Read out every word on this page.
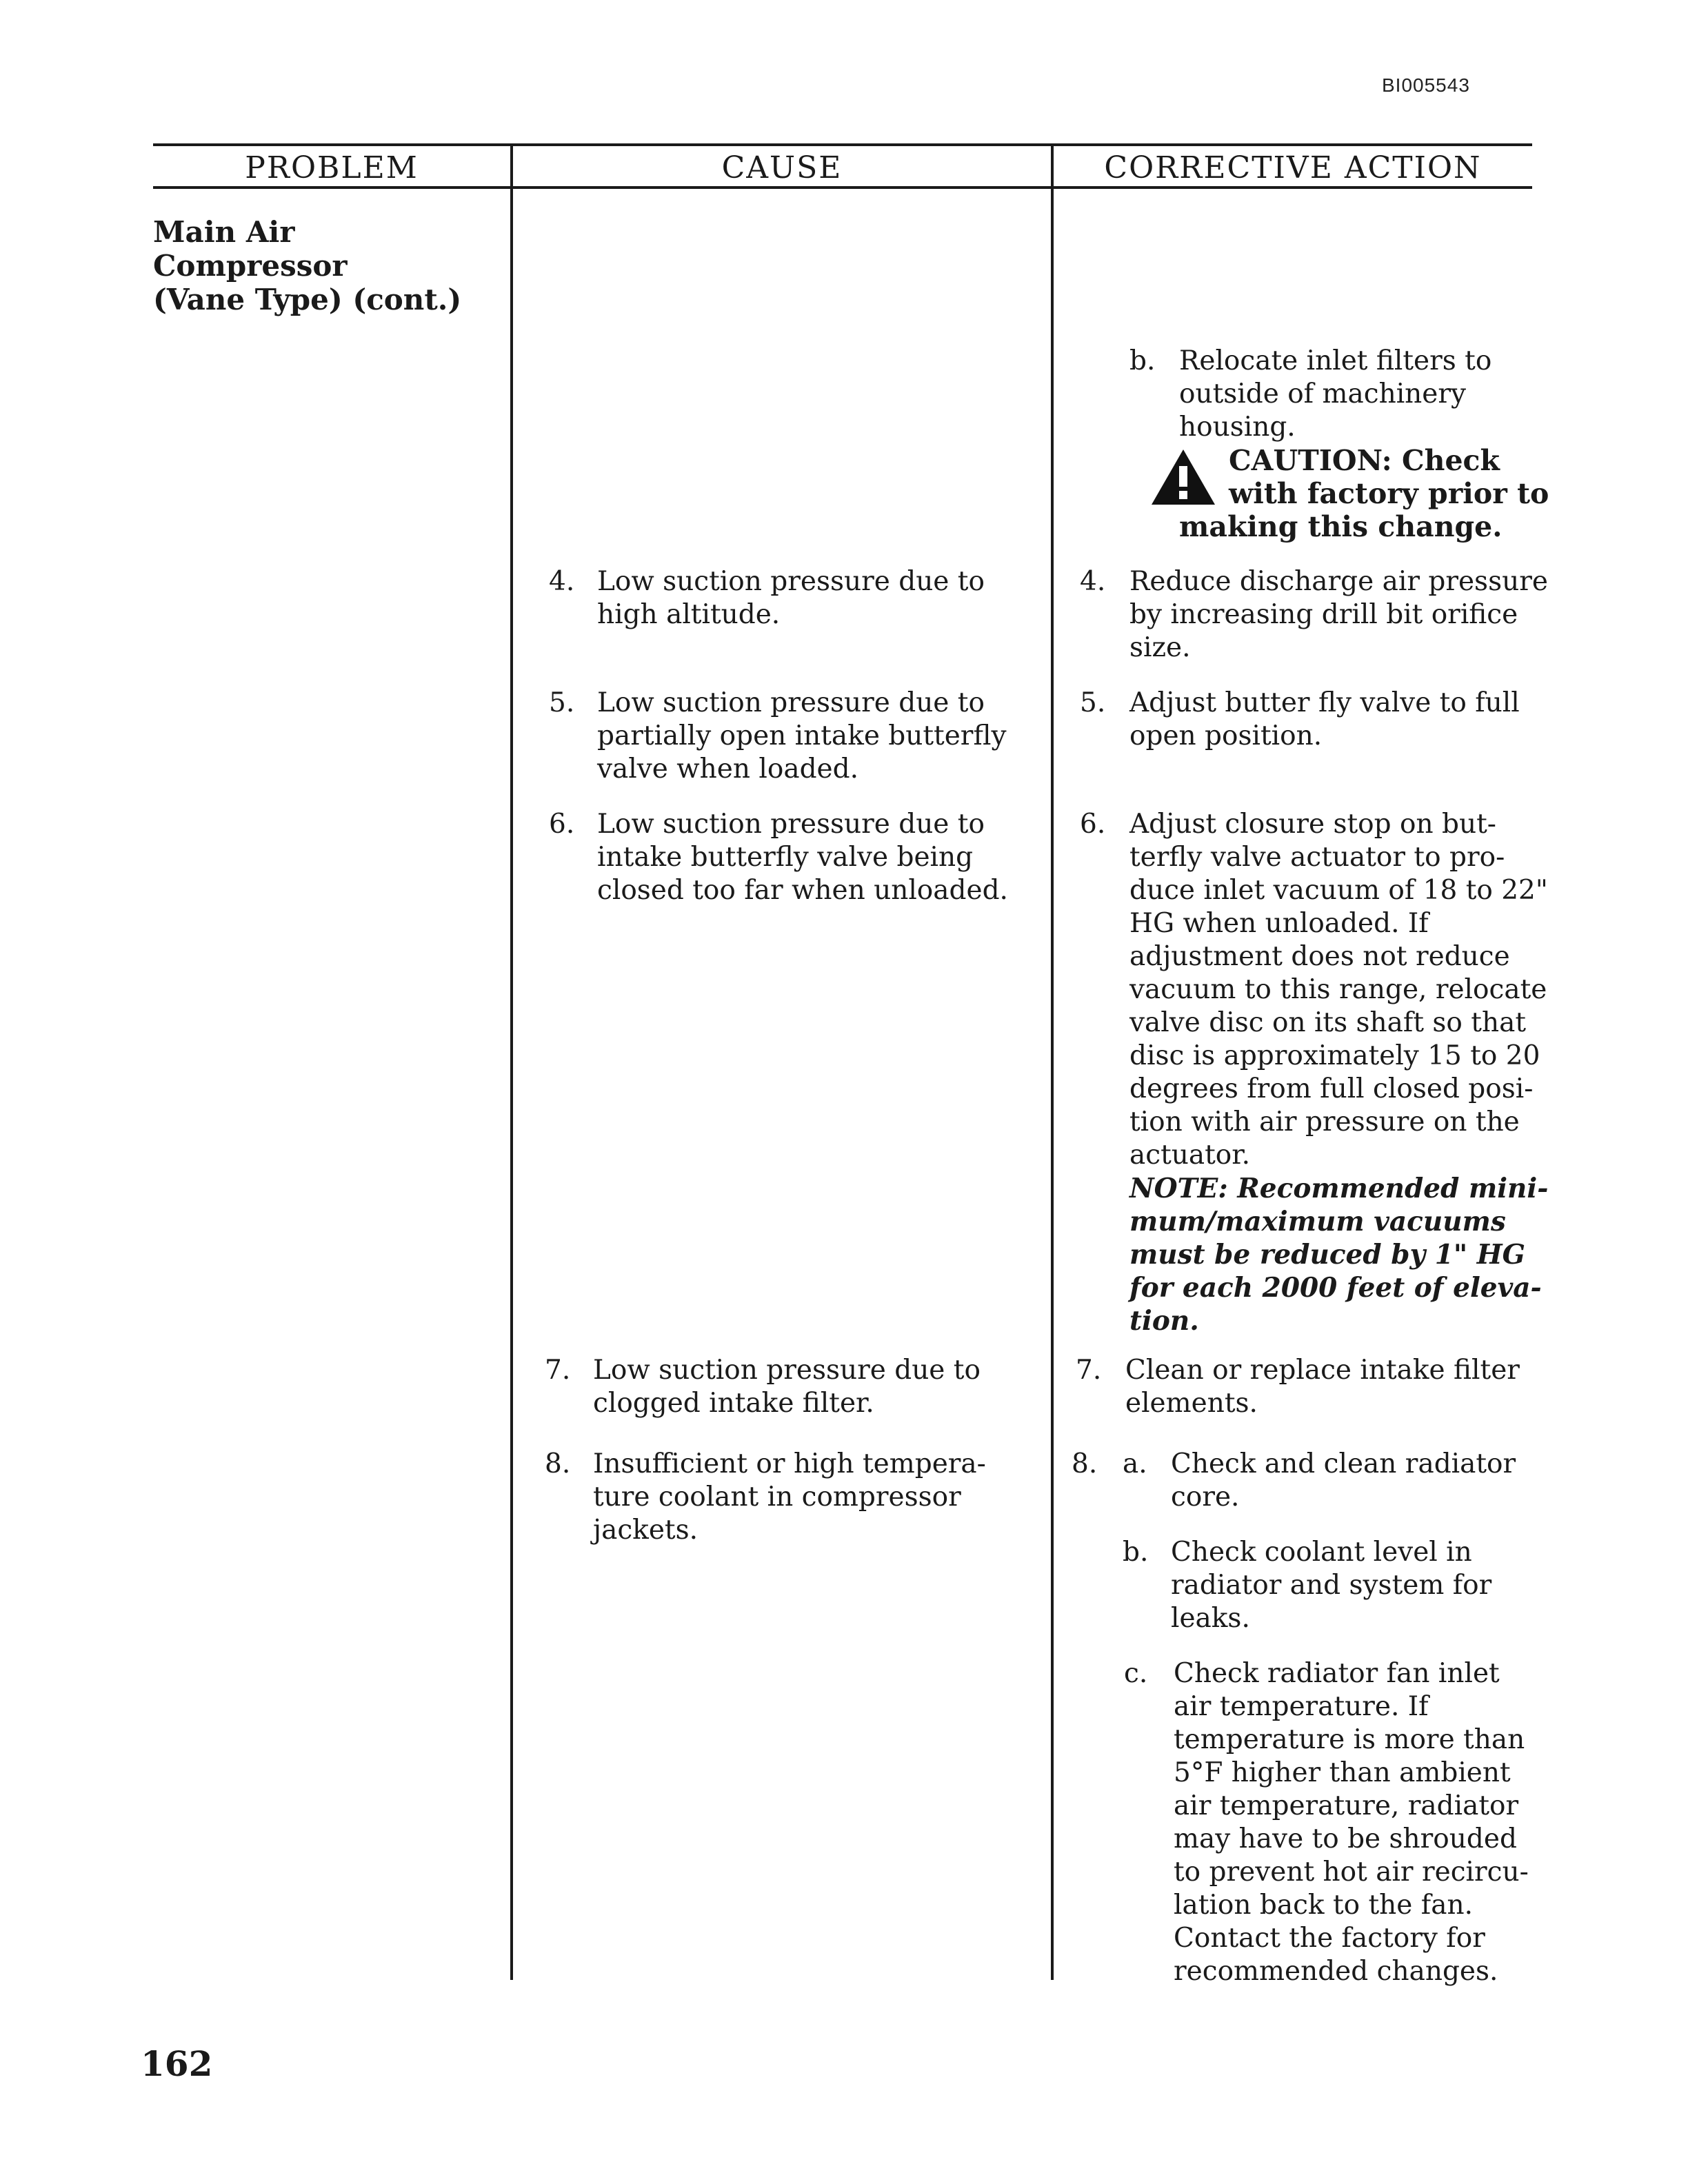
BI005543
PROBLEM	CAUSE	CORRECTIVE ACTION
Main Air
Compressor
(Vane Type) (cont.)
b. Relocate inlet filters to
outside of machinery
housing.
CAUTION: Check
with factory prior to
making this change.
4. Low suction pressure due to
high altitude.
4. Reduce discharge air pressure
by increasing drill bit orifice
size.
5. Low suction pressure due to
partially open intake butterfly
valve when loaded.
5. Adjust butter fly valve to full
open position.
6. Low suction pressure due to
intake butterfly valve being
closed too far when unloaded.
6. Adjust closure stop on but-
terfly valve actuator to pro-
duce inlet vacuum of 18 to 22"
HG when unloaded. If
adjustment does not reduce
vacuum to this range, relocate
valve disc on its shaft so that
disc is approximately 15 to 20
degrees from full closed posi-
tion with air pressure on the
actuator.
NOTE: Recommended mini-
mum/maximum vacuums
must be reduced by 1" HG
for each 2000 feet of eleva-
tion.
7. Low suction pressure due to
clogged intake filter.
7. Clean or replace intake filter
elements.
8. Insufficient or high tempera-
ture coolant in compressor
jackets.
8. a. Check and clean radiator
core.
b. Check coolant level in
radiator and system for
leaks.
c. Check radiator fan inlet
air temperature. If
temperature is more than
5°F higher than ambient
air temperature, radiator
may have to be shrouded
to prevent hot air recircu-
lation back to the fan.
Contact the factory for
recommended changes.
162
